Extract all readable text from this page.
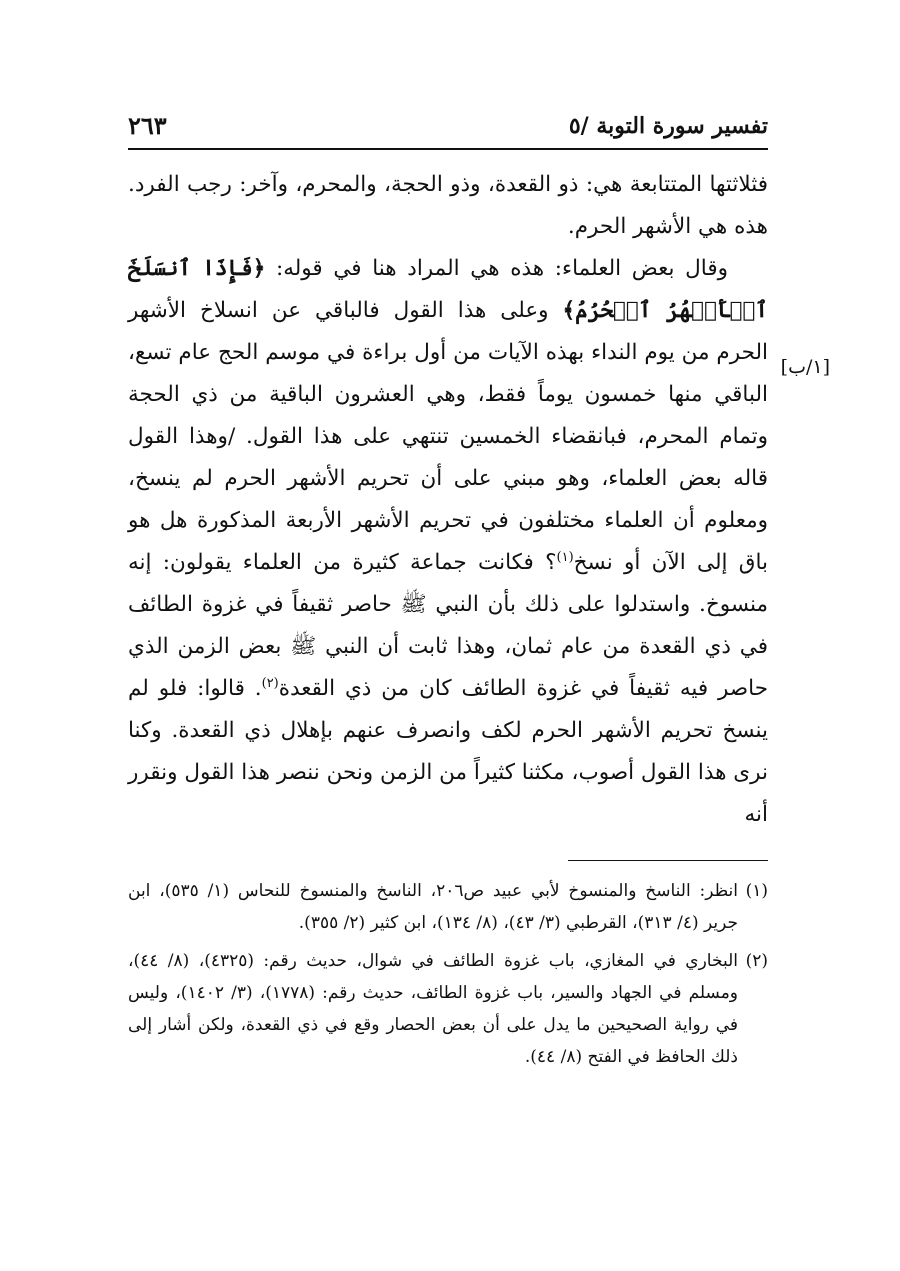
تفسير سورة التوبة /٥
٢٦٣
[١/ب]

فثلاثتها المتتابعة هي: ذو القعدة، وذو الحجة، والمحرم، وآخر: رجب الفرد. هذه هي الأشهر الحرم.

وقال بعض العلماء: هذه هي المراد هنا في قوله: ﴿فَإِذَا ٱنسَلَخَ ٱلۡأَشۡهُرُ ٱلۡحُرُمُ﴾ وعلى هذا القول فالباقي عن انسلاخ الأشهر الحرم من يوم النداء بهذه الآيات من أول براءة في موسم الحج عام تسع، الباقي منها خمسون يوماً فقط، وهي العشرون الباقية من ذي الحجة وتمام المحرم، فبانقضاء الخمسين تنتهي على هذا القول. /وهذا القول قاله بعض العلماء، وهو مبني على أن تحريم الأشهر الحرم لم ينسخ، ومعلوم أن العلماء مختلفون في تحريم الأشهر الأربعة المذكورة هل هو باق إلى الآن أو نسخ$^{(١)}$؟ فكانت جماعة كثيرة من العلماء يقولون: إنه منسوخ. واستدلوا على ذلك بأن النبي ﷺ حاصر ثقيفاً في غزوة الطائف في ذي القعدة من عام ثمان، وهذا ثابت أن النبي ﷺ بعض الزمن الذي حاصر فيه ثقيفاً في غزوة الطائف كان من ذي القعدة$^{(٢)}$. قالوا: فلو لم ينسخ تحريم الأشهر الحرم لكف وانصرف عنهم بإهلال ذي القعدة. وكنا نرى هذا القول أصوب، مكثنا كثيراً من الزمن ونحن ننصر هذا القول ونقرر أنه

(١)
انظر: الناسخ والمنسوخ لأبي عبيد ص٢٠٦، الناسخ والمنسوخ للنحاس (١/ ٥٣٥)، ابن جرير (٤/ ٣١٣)، القرطبي (٣/ ٤٣)، (٨/ ١٣٤)، ابن كثير (٢/ ٣٥٥).
(٢)
البخاري في المغازي، باب غزوة الطائف في شوال، حديث رقم: (٤٣٢٥)، (٨/ ٤٤)، ومسلم في الجهاد والسير، باب غزوة الطائف، حديث رقم: (١٧٧٨)، (٣/ ١٤٠٢)، وليس في رواية الصحيحين ما يدل على أن بعض الحصار وقع في ذي القعدة، ولكن أشار إلى ذلك الحافظ في الفتح (٨/ ٤٤).
